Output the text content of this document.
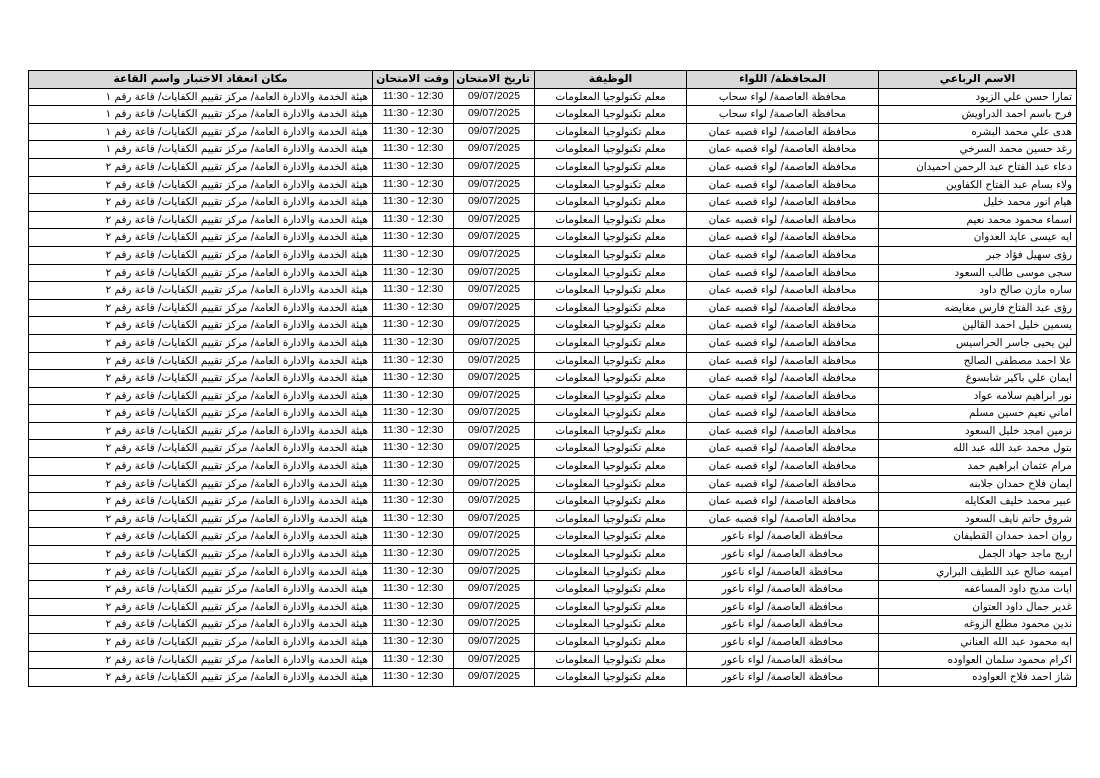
الاسم الرباعي	المحافظة/ اللواء	الوظيفة	تاريخ الامتحان	وقت الامتحان	مكان انعقاد الاختبار واسم القاعة
تمارا حسن علي الزيود	محافظة العاصمة/ لواء سحاب	معلم تكنولوجيا المعلومات	09/07/2025	11:30 - 12:30	هيئة الخدمة والادارة العامة/ مركز تقييم الكفايات/ قاعة رقم ١
فرح باسم احمد الدراويش	محافظة العاصمة/ لواء سحاب	معلم تكنولوجيا المعلومات	09/07/2025	11:30 - 12:30	هيئة الخدمة والادارة العامة/ مركز تقييم الكفايات/ قاعة رقم ١
هدى علي محمد البشره	محافظة العاصمة/ لواء قصبه عمان	معلم تكنولوجيا المعلومات	09/07/2025	11:30 - 12:30	هيئة الخدمة والادارة العامة/ مركز تقييم الكفايات/ قاعة رقم ١
رغد حسين محمد السرخي	محافظة العاصمة/ لواء قصبه عمان	معلم تكنولوجيا المعلومات	09/07/2025	11:30 - 12:30	هيئة الخدمة والادارة العامة/ مركز تقييم الكفايات/ قاعة رقم ١
دعاء عبد الفتاح عبد الرحمن احميدان	محافظة العاصمة/ لواء قصبه عمان	معلم تكنولوجيا المعلومات	09/07/2025	11:30 - 12:30	هيئة الخدمة والادارة العامة/ مركز تقييم الكفايات/ قاعة رقم ٢
ولاء بسام عبد الفتاح الكفاوين	محافظة العاصمة/ لواء قصبه عمان	معلم تكنولوجيا المعلومات	09/07/2025	11:30 - 12:30	هيئة الخدمة والادارة العامة/ مركز تقييم الكفايات/ قاعة رقم ٢
هيام انور محمد خليل	محافظة العاصمة/ لواء قصبه عمان	معلم تكنولوجيا المعلومات	09/07/2025	11:30 - 12:30	هيئة الخدمة والادارة العامة/ مركز تقييم الكفايات/ قاعة رقم ٢
اسماء محمود محمد نعيم	محافظة العاصمة/ لواء قصبه عمان	معلم تكنولوجيا المعلومات	09/07/2025	11:30 - 12:30	هيئة الخدمة والادارة العامة/ مركز تقييم الكفايات/ قاعة رقم ٢
ايه عيسى عايد العدوان	محافظة العاصمة/ لواء قصبه عمان	معلم تكنولوجيا المعلومات	09/07/2025	11:30 - 12:30	هيئة الخدمة والادارة العامة/ مركز تقييم الكفايات/ قاعة رقم ٢
رؤى سهيل فؤاد جبر	محافظة العاصمة/ لواء قصبه عمان	معلم تكنولوجيا المعلومات	09/07/2025	11:30 - 12:30	هيئة الخدمة والادارة العامة/ مركز تقييم الكفايات/ قاعة رقم ٢
سجى موسى طالب السعود	محافظة العاصمة/ لواء قصبه عمان	معلم تكنولوجيا المعلومات	09/07/2025	11:30 - 12:30	هيئة الخدمة والادارة العامة/ مركز تقييم الكفايات/ قاعة رقم ٢
ساره مازن صالح داود	محافظة العاصمة/ لواء قصبه عمان	معلم تكنولوجيا المعلومات	09/07/2025	11:30 - 12:30	هيئة الخدمة والادارة العامة/ مركز تقييم الكفايات/ قاعة رقم ٢
رؤى عبد الفتاح فارس مغايضه	محافظة العاصمة/ لواء قصبه عمان	معلم تكنولوجيا المعلومات	09/07/2025	11:30 - 12:30	هيئة الخدمة والادارة العامة/ مركز تقييم الكفايات/ قاعة رقم ٢
يسمين خليل احمد القالين	محافظة العاصمة/ لواء قصبه عمان	معلم تكنولوجيا المعلومات	09/07/2025	11:30 - 12:30	هيئة الخدمة والادارة العامة/ مركز تقييم الكفايات/ قاعة رقم ٢
لين يحيى جاسر الحراسيس	محافظة العاصمة/ لواء قصبه عمان	معلم تكنولوجيا المعلومات	09/07/2025	11:30 - 12:30	هيئة الخدمة والادارة العامة/ مركز تقييم الكفايات/ قاعة رقم ٢
علا احمد مصطفى الصالح	محافظة العاصمة/ لواء قصبه عمان	معلم تكنولوجيا المعلومات	09/07/2025	11:30 - 12:30	هيئة الخدمة والادارة العامة/ مركز تقييم الكفايات/ قاعة رقم ٢
ايمان علي باكير شابسوغ	محافظة العاصمة/ لواء قصبه عمان	معلم تكنولوجيا المعلومات	09/07/2025	11:30 - 12:30	هيئة الخدمة والادارة العامة/ مركز تقييم الكفايات/ قاعة رقم ٢
نور ابراهيم سلامه عواد	محافظة العاصمة/ لواء قصبه عمان	معلم تكنولوجيا المعلومات	09/07/2025	11:30 - 12:30	هيئة الخدمة والادارة العامة/ مركز تقييم الكفايات/ قاعة رقم ٢
اماني نعيم حسين مسلم	محافظة العاصمة/ لواء قصبه عمان	معلم تكنولوجيا المعلومات	09/07/2025	11:30 - 12:30	هيئة الخدمة والادارة العامة/ مركز تقييم الكفايات/ قاعة رقم ٢
نرمين امجد خليل السعود	محافظة العاصمة/ لواء قصبه عمان	معلم تكنولوجيا المعلومات	09/07/2025	11:30 - 12:30	هيئة الخدمة والادارة العامة/ مركز تقييم الكفايات/ قاعة رقم ٢
بتول محمد عبد الله عبد الله	محافظة العاصمة/ لواء قصبه عمان	معلم تكنولوجيا المعلومات	09/07/2025	11:30 - 12:30	هيئة الخدمة والادارة العامة/ مركز تقييم الكفايات/ قاعة رقم ٢
مرام عثمان ابراهيم حمد	محافظة العاصمة/ لواء قصبه عمان	معلم تكنولوجيا المعلومات	09/07/2025	11:30 - 12:30	هيئة الخدمة والادارة العامة/ مركز تقييم الكفايات/ قاعة رقم ٢
ايمان فلاح حمدان جلابنه	محافظة العاصمة/ لواء قصبه عمان	معلم تكنولوجيا المعلومات	09/07/2025	11:30 - 12:30	هيئة الخدمة والادارة العامة/ مركز تقييم الكفايات/ قاعة رقم ٢
عبير محمد خليف العكايله	محافظة العاصمة/ لواء قصبه عمان	معلم تكنولوجيا المعلومات	09/07/2025	11:30 - 12:30	هيئة الخدمة والادارة العامة/ مركز تقييم الكفايات/ قاعة رقم ٢
شروق حاتم نايف السعود	محافظة العاصمة/ لواء قصبه عمان	معلم تكنولوجيا المعلومات	09/07/2025	11:30 - 12:30	هيئة الخدمة والادارة العامة/ مركز تقييم الكفايات/ قاعة رقم ٢
روان احمد حمدان القطيفان	محافظة العاصمة/ لواء ناعور	معلم تكنولوجيا المعلومات	09/07/2025	11:30 - 12:30	هيئة الخدمة والادارة العامة/ مركز تقييم الكفايات/ قاعة رقم ٢
اريج ماجد جهاد الجمل	محافظة العاصمة/ لواء ناعور	معلم تكنولوجيا المعلومات	09/07/2025	11:30 - 12:30	هيئة الخدمة والادارة العامة/ مركز تقييم الكفايات/ قاعة رقم ٢
اميمه صالح عبد اللطيف البراري	محافظة العاصمة/ لواء ناعور	معلم تكنولوجيا المعلومات	09/07/2025	11:30 - 12:30	هيئة الخدمة والادارة العامة/ مركز تقييم الكفايات/ قاعة رقم ٢
ايات مديح داود المساعفه	محافظة العاصمة/ لواء ناعور	معلم تكنولوجيا المعلومات	09/07/2025	11:30 - 12:30	هيئة الخدمة والادارة العامة/ مركز تقييم الكفايات/ قاعة رقم ٢
غدير جمال داود العتوان	محافظة العاصمة/ لواء ناعور	معلم تكنولوجيا المعلومات	09/07/2025	11:30 - 12:30	هيئة الخدمة والادارة العامة/ مركز تقييم الكفايات/ قاعة رقم ٢
ندين محمود مطلع الزوغه	محافظة العاصمة/ لواء ناعور	معلم تكنولوجيا المعلومات	09/07/2025	11:30 - 12:30	هيئة الخدمة والادارة العامة/ مركز تقييم الكفايات/ قاعة رقم ٢
ايه محمود عبد الله العناني	محافظة العاصمة/ لواء ناعور	معلم تكنولوجيا المعلومات	09/07/2025	11:30 - 12:30	هيئة الخدمة والادارة العامة/ مركز تقييم الكفايات/ قاعة رقم ٢
اكرام محمود سلمان العواوده	محافظة العاصمة/ لواء ناعور	معلم تكنولوجيا المعلومات	09/07/2025	11:30 - 12:30	هيئة الخدمة والادارة العامة/ مركز تقييم الكفايات/ قاعة رقم ٢
شاز احمد فلاح العواوده	محافظة العاصمة/ لواء ناعور	معلم تكنولوجيا المعلومات	09/07/2025	11:30 - 12:30	هيئة الخدمة والادارة العامة/ مركز تقييم الكفايات/ قاعة رقم ٢
